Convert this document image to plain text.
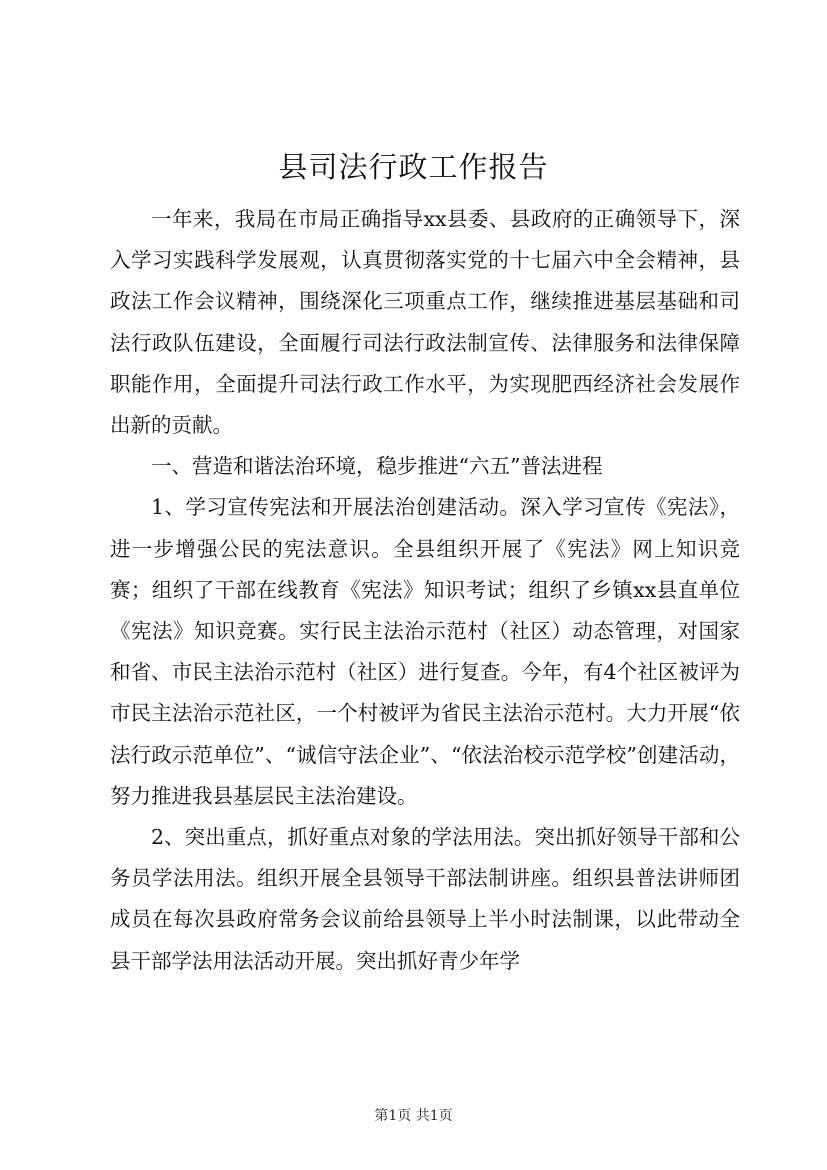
县司法行政工作报告

一年来，我局在市局正确指导xx县委、县政府的正确领导下，深入学习实践科学发展观，认真贯彻落实党的十七届六中全会精神，县政法工作会议精神，围绕深化三项重点工作，继续推进基层基础和司法行政队伍建设，全面履行司法行政法制宣传、法律服务和法律保障职能作用，全面提升司法行政工作水平，为实现肥西经济社会发展作出新的贡献。

一、营造和谐法治环境，稳步推进“六五”普法进程

1、学习宣传宪法和开展法治创建活动。深入学习宣传《宪法》，进一步增强公民的宪法意识。全县组织开展了《宪法》网上知识竞赛；组织了干部在线教育《宪法》知识考试；组织了乡镇xx县直单位《宪法》知识竞赛。实行民主法治示范村（社区）动态管理，对国家和省、市民主法治示范村（社区）进行复查。今年，有4个社区被评为市民主法治示范社区，一个村被评为省民主法治示范村。大力开展“依法行政示范单位”、“诚信守法企业”、“依法治校示范学校”创建活动，努力推进我县基层民主法治建设。

2、突出重点，抓好重点对象的学法用法。突出抓好领导干部和公务员学法用法。组织开展全县领导干部法制讲座。组织县普法讲师团成员在每次县政府常务会议前给县领导上半小时法制课，以此带动全县干部学法用法活动开展。突出抓好青少年学

第1页 共1页
